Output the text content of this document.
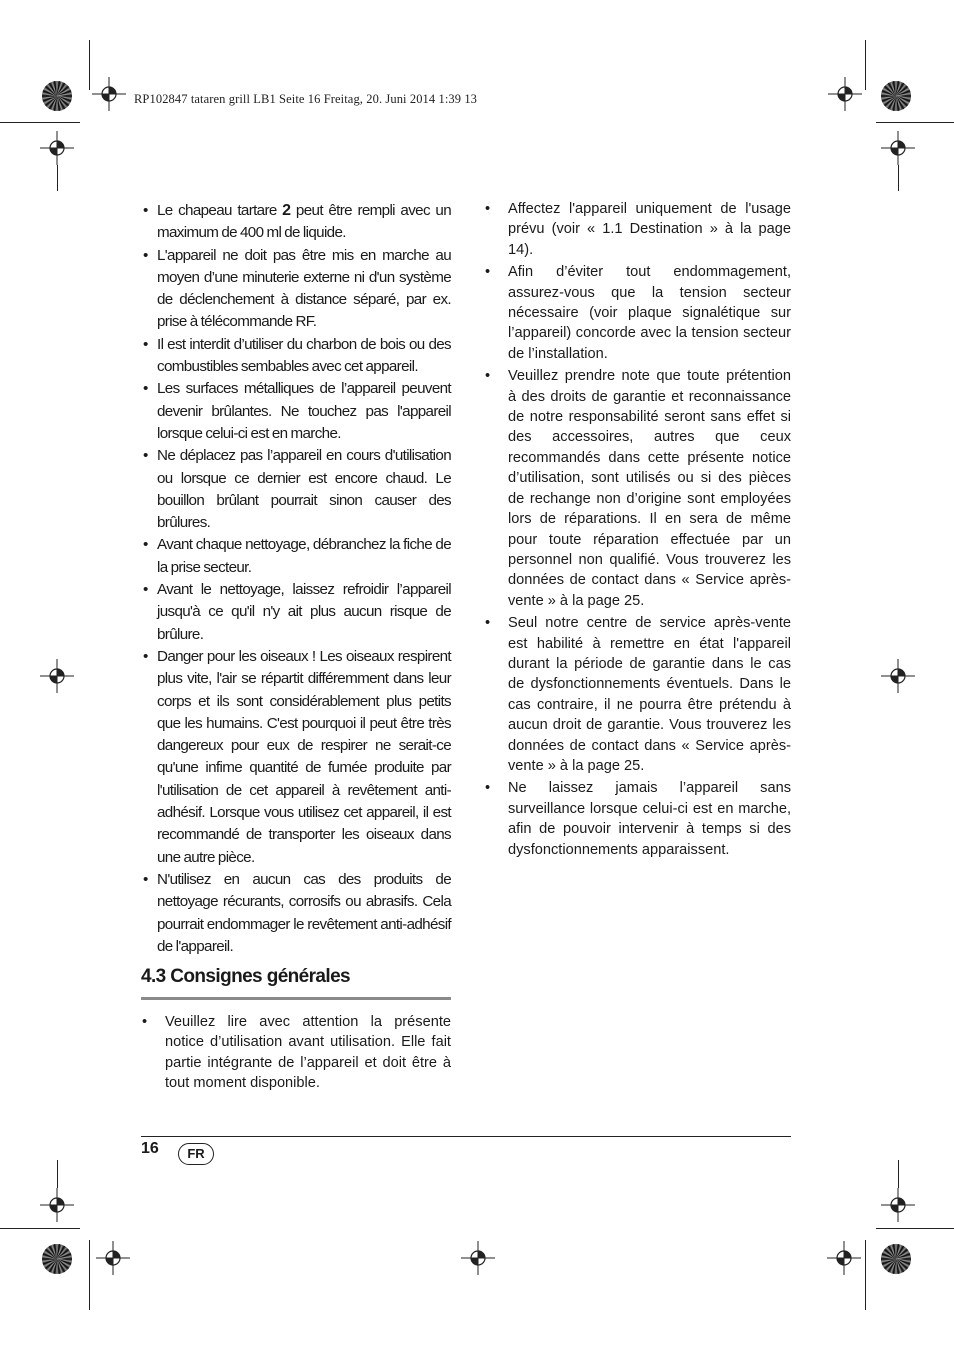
RP102847 tataren grill LB1 Seite 16 Freitag, 20. Juni 2014 1:39 13
• Le chapeau tartare 2 peut être rempli avec un maximum de 400 ml de liquide.
• L'appareil ne doit pas être mis en marche au moyen d’une minuterie externe ni d'un système de déclenchement à distance séparé, par ex. prise à télécommande RF.
• Il est interdit d’utiliser du charbon de bois ou des combustibles sembables avec cet appareil.
• Les surfaces métalliques de l’appareil peuvent devenir brûlantes. Ne touchez pas l'appareil lorsque celui-ci est en marche.
• Ne déplacez pas l’appareil en cours d'utilisation ou lorsque ce dernier est encore chaud. Le bouillon brûlant pourrait sinon causer des brûlures.
• Avant chaque nettoyage, débranchez la fiche de la prise secteur.
• Avant le nettoyage, laissez refroidir l’appareil jusqu'à ce qu'il n'y ait plus aucun risque de brûlure.
• Danger pour les oiseaux ! Les oiseaux respirent plus vite, l'air se répartit différemment dans leur corps et ils sont considérablement plus petits que les humains. C'est pourquoi il peut être très dangereux pour eux de respirer ne serait-ce qu'une infime quantité de fumée produite par l'utilisation de cet appareil à revêtement anti-adhésif. Lorsque vous utilisez cet appareil, il est recommandé de transporter les oiseaux dans une autre pièce.
• N'utilisez en aucun cas des produits de nettoyage récurants, corrosifs ou abrasifs. Cela pourrait endommager le revêtement anti-adhésif de l'appareil.
4.3 Consignes générales
• Veuillez lire avec attention la présente notice d’utilisation avant utilisation. Elle fait partie intégrante de l’appareil et doit être à tout moment disponible.
• Affectez l'appareil uniquement de l'usage prévu (voir « 1.1 Destination » à la page 14).
• Afin d’éviter tout endommagement, assurez-vous que la tension secteur nécessaire (voir plaque signalétique sur l’appareil) concorde avec la tension secteur de l’installation.
• Veuillez prendre note que toute prétention à des droits de garantie et reconnaissance de notre responsabilité seront sans effet si des accessoires, autres que ceux recommandés dans cette présente notice d’utilisation, sont utilisés ou si des pièces de rechange non d’origine sont employées lors de réparations. Il en sera de même pour toute réparation effectuée par un personnel non qualifié. Vous trouverez les données de contact dans « Service après-vente » à la page 25.
• Seul notre centre de service après-vente est habilité à remettre en état l'appareil durant la période de garantie dans le cas de dysfonctionnements éventuels. Dans le cas contraire, il ne pourra être prétendu à aucun droit de garantie. Vous trouverez les données de contact dans « Service après-vente » à la page 25.
• Ne laissez jamais l’appareil sans surveillance lorsque celui-ci est en marche, afin de pouvoir intervenir à temps si des dysfonctionnements apparaissent.
16	FR
